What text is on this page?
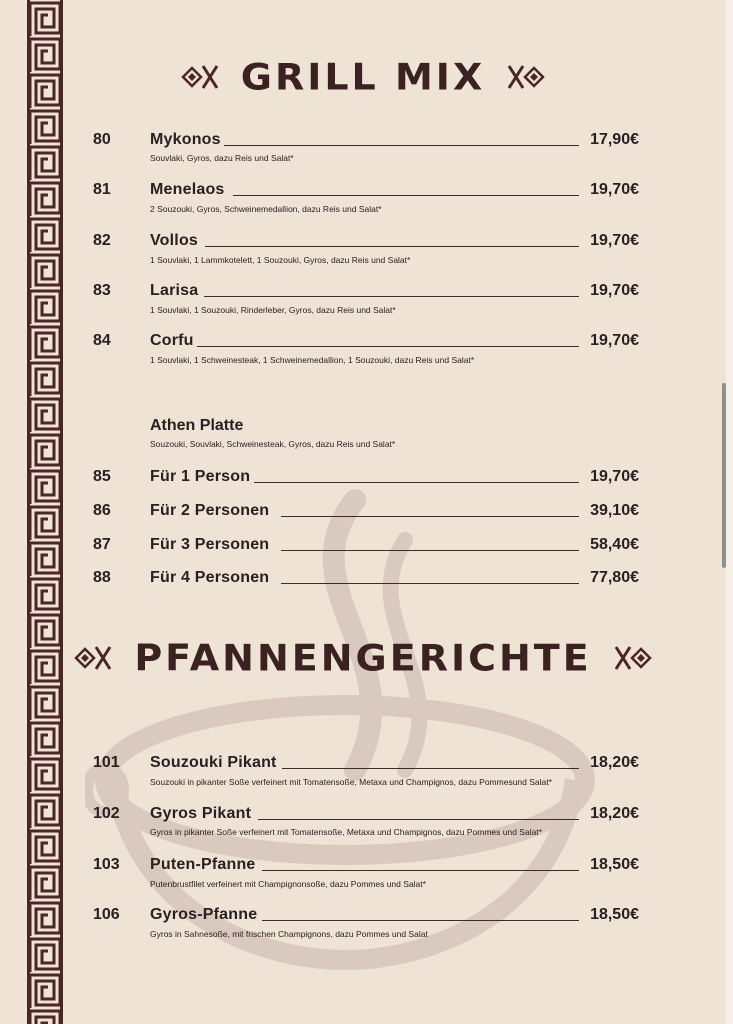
GRILL MIX
80 Mykonos	17,90€
Souvlaki, Gyros, dazu Reis und Salat*
81 Menelaos	19,70€
2 Souzouki, Gyros, Schweinemedallion, dazu Reis und Salat*
82 Vollos	19,70€
1 Souvlaki, 1 Lammkotelett, 1 Souzouki, Gyros, dazu Reis und Salat*
83 Larisa	19,70€
1 Souvlaki, 1 Souzouki, Rinderleber, Gyros, dazu Reis und Salat*
84 Corfu	19,70€
1 Souvlaki, 1 Schweinesteak, 1 Schweinemedallion, 1 Souzouki, dazu Reis und Salat*
Athen Platte
Souzouki, Souvlaki, Schweinesteak, Gyros, dazu Reis und Salat*
85 Für 1 Person	19,70€
86 Für 2 Personen	39,10€
87 Für 3 Personen	58,40€
88 Für 4 Personen	77,80€
PFANNENGERICHTE
101 Souzouki Pikant	18,20€
Souzouki in pikanter Soße verfeinert mit Tomatensoße, Metaxa und Champignos, dazu Pommesund Salat*
102 Gyros Pikant	18,20€
Gyros in pikanter Soße verfeinert mit Tomatensoße, Metaxa und Champignos, dazu Pommes und Salat*
103 Puten-Pfanne	18,50€
Putenbrustfilet verfeinert mit Champignonsoße, dazu Pommes und Salat*
106 Gyros-Pfanne	18,50€
Gyros in Sahnesoße, mit frischen Champignons, dazu Pommes und Salat
